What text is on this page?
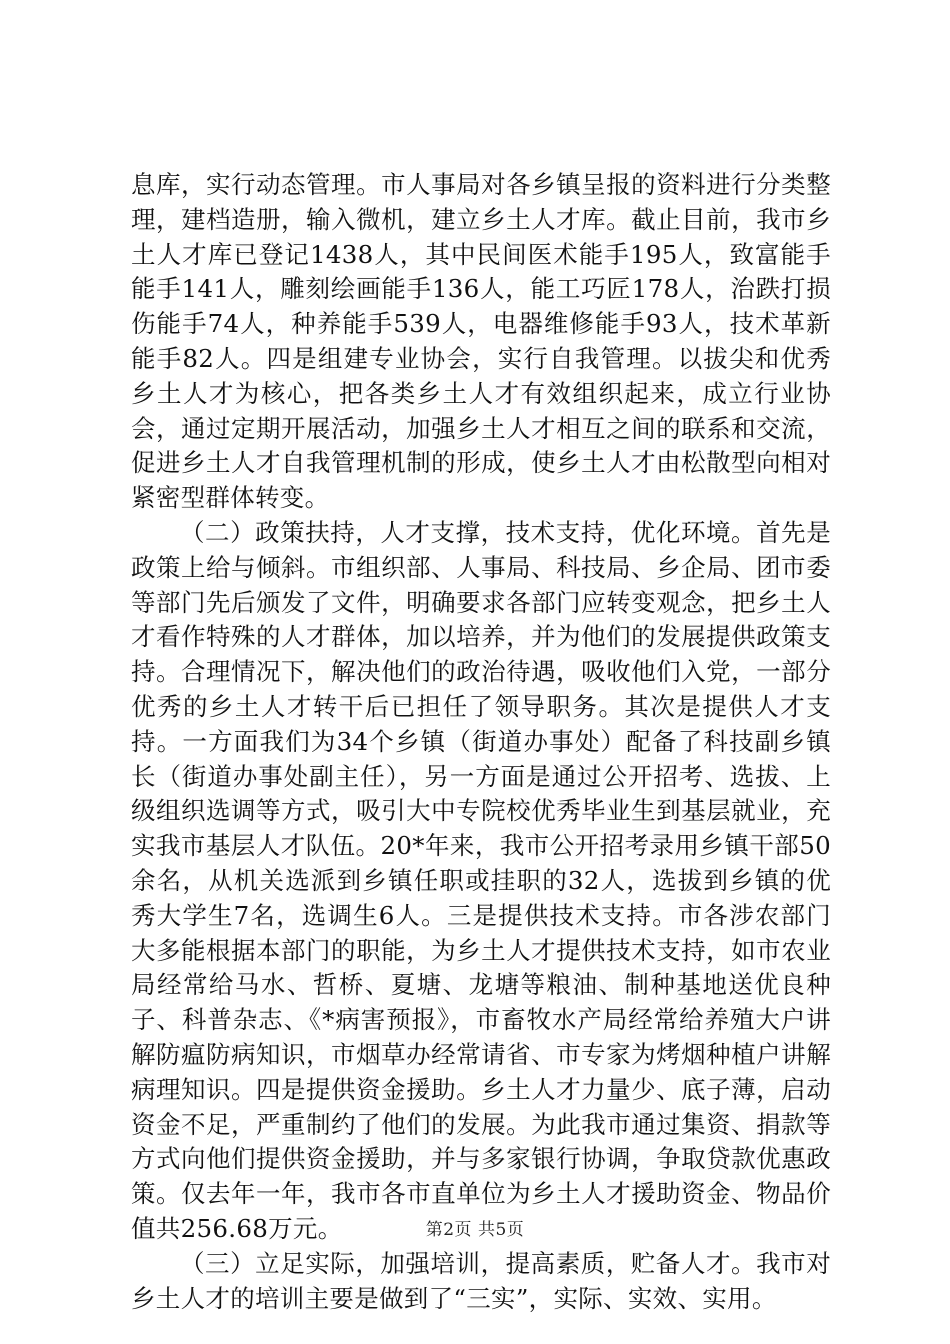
息库，实行动态管理。市人事局对各乡镇呈报的资料进行分类整理，建档造册，输入微机，建立乡土人才库。截止目前，我市乡土人才库已登记1438人，其中民间医术能手195人，致富能手能手141人，雕刻绘画能手136人，能工巧匠178人，治跌打损伤能手74人，种养能手539人，电器维修能手93人，技术革新能手82人。四是组建专业协会，实行自我管理。以拔尖和优秀乡土人才为核心，把各类乡土人才有效组织起来，成立行业协会，通过定期开展活动，加强乡土人才相互之间的联系和交流，促进乡土人才自我管理机制的形成，使乡土人才由松散型向相对紧密型群体转变。

（二）政策扶持，人才支撑，技术支持，优化环境。首先是政策上给与倾斜。市组织部、人事局、科技局、乡企局、团市委等部门先后颁发了文件，明确要求各部门应转变观念，把乡土人才看作特殊的人才群体，加以培养，并为他们的发展提供政策支持。合理情况下，解决他们的政治待遇，吸收他们入党，一部分优秀的乡土人才转干后已担任了领导职务。其次是提供人才支持。一方面我们为34个乡镇（街道办事处）配备了科技副乡镇长（街道办事处副主任），另一方面是通过公开招考、选拔、上级组织选调等方式，吸引大中专院校优秀毕业生到基层就业，充实我市基层人才队伍。20*年来，我市公开招考录用乡镇干部50余名，从机关选派到乡镇任职或挂职的32人，选拔到乡镇的优秀大学生7名，选调生6人。三是提供技术支持。市各涉农部门大多能根据本部门的职能，为乡土人才提供技术支持，如市农业局经常给马水、哲桥、夏塘、龙塘等粮油、制种基地送优良种子、科普杂志、《*病害预报》，市畜牧水产局经常给养殖大户讲解防瘟防病知识，市烟草办经常请省、市专家为烤烟种植户讲解病理知识。四是提供资金援助。乡土人才力量少、底子薄，启动资金不足，严重制约了他们的发展。为此我市通过集资、捐款等方式向他们提供资金援助，并与多家银行协调，争取贷款优惠政策。仅去年一年，我市各市直单位为乡土人才援助资金、物品价值共256.68万元。

（三）立足实际，加强培训，提高素质，贮备人才。我市对乡土人才的培训主要是做到了“三实”，实际、实效、实用。

第2页 共5页
